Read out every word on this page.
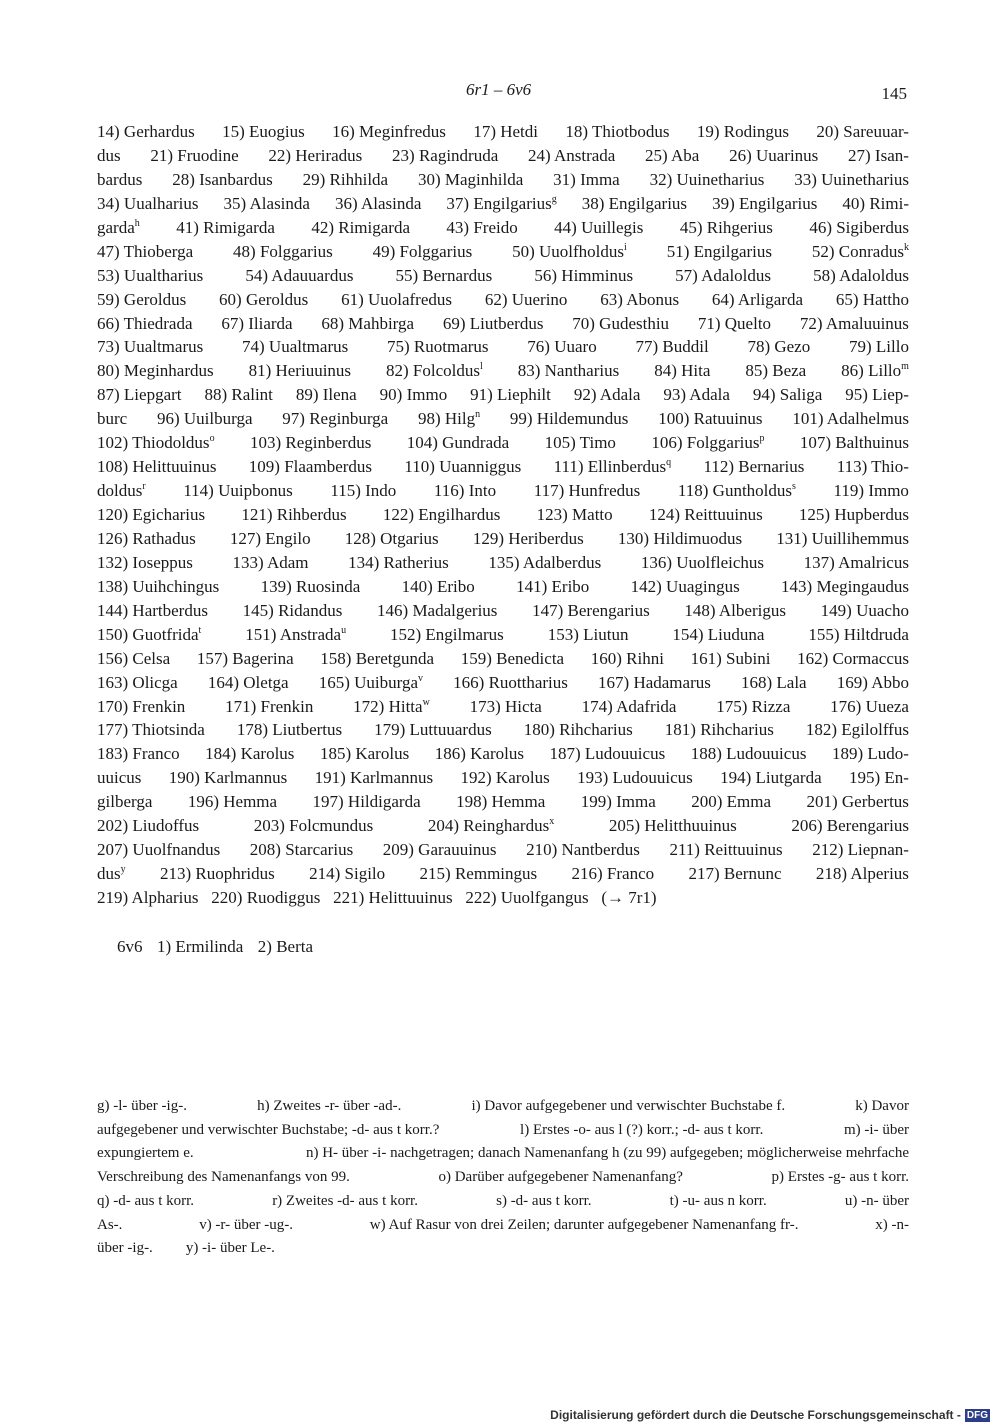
6r1 – 6v6	145
14) Gerhardus 15) Euogius 16) Meginfredus 17) Hetdi 18) Thiotbodus 19) Rodingus 20) Sareuuar-
dus 21) Fruodine 22) Heriradus 23) Ragindruda 24) Anstrada 25) Aba 26) Uuarinus 27) Isan-
bardus 28) Isanbardus 29) Rihhilda 30) Maginhilda 31) Imma 32) Uuinetharius 33) Uuinetharius
34) Uualharius 35) Alasinda 36) Alasinda 37) Engilgarius$^g$ 38) Engilgarius 39) Engilgarius 40) Rimi-
garda$^h$ 41) Rimigarda 42) Rimigarda 43) Freido 44) Uuillegis 45) Rihgerius 46) Sigiberdus
47) Thioberga 48) Folggarius 49) Folggarius 50) Uuolfholdus$^i$ 51) Engilgarius 52) Conradus$^k$
53) Uualtharius 54) Adauuardus 55) Bernardus 56) Himminus 57) Adaloldus 58) Adaloldus
59) Geroldus 60) Geroldus 61) Uuolafredus 62) Uuerino 63) Abonus 64) Arligarda 65) Hattho
66) Thiedrada 67) Iliarda 68) Mahbirga 69) Liutberdus 70) Gudesthiu 71) Quelto 72) Amaluuinus
73) Uualtmarus 74) Uualtmarus 75) Ruotmarus 76) Uuaro 77) Buddil 78) Gezo 79) Lillo
80) Meginhardus 81) Heriuuinus 82) Folcoldus$^l$ 83) Nantharius 84) Hita 85) Beza 86) Lillo$^m$
87) Liepgart 88) Ralint 89) Ilena 90) Immo 91) Liephilt 92) Adala 93) Adala 94) Saliga 95) Liep-
burc 96) Uuilburga 97) Reginburga 98) Hilg$^n$ 99) Hildemundus 100) Ratuuinus 101) Adalhelmus
102) Thiodoldus$^o$ 103) Reginberdus 104) Gundrada 105) Timo 106) Folggarius$^p$ 107) Balthuinus
108) Helittuuinus 109) Flaamberdus 110) Uuanniggus 111) Ellinberdus$^q$ 112) Bernarius 113) Thio-
doldus$^r$ 114) Uuipbonus 115) Indo 116) Into 117) Hunfredus 118) Guntholdus$^s$ 119) Immo
120) Egicharius 121) Rihberdus 122) Engilhardus 123) Matto 124) Reittuuinus 125) Hupberdus
126) Rathadus 127) Engilo 128) Otgarius 129) Heriberdus 130) Hildimuodus 131) Uuillihemmus
132) Ioseppus 133) Adam 134) Ratherius 135) Adalberdus 136) Uuolfleichus 137) Amalricus
138) Uuihchingus 139) Ruosinda 140) Eribo 141) Eribo 142) Uuagingus 143) Megingaudus
144) Hartberdus 145) Ridandus 146) Madalgerius 147) Berengarius 148) Alberigus 149) Uuacho
150) Guotfrida$^t$	151) Anstrada$^u$	152) Engilmarus	153) Liutun	154) Liuduna	155) Hiltdruda
156) Celsa 157) Bagerina 158) Beretgunda 159) Benedicta 160) Rihni 161) Subini 162) Cormaccus
163) Olicga 164) Oletga 165) Uuiburga$^v$ 166) Ruottharius 167) Hadamarus 168) Lala 169) Abbo
170) Frenkin 171) Frenkin 172) Hitta$^w$ 173) Hicta 174) Adafrida 175) Rizza 176) Uueza
177) Thiotsinda 178) Liutbertus 179) Luttuuardus 180) Rihcharius 181) Rihcharius 182) Egilolffus
183) Franco 184) Karolus 185) Karolus 186) Karolus 187) Ludouuicus 188) Ludouuicus 189) Ludo-
uuicus 190) Karlmannus 191) Karlmannus 192) Karolus 193) Ludouuicus 194) Liutgarda 195) En-
gilberga 196) Hemma 197) Hildigarda 198) Hemma 199) Imma 200) Emma 201) Gerbertus
202) Liudoffus	203) Folcmundus	204) Reinghardus$^x$	205) Helitthuuinus	206) Berengarius
207) Uuolfnandus 208) Starcarius 209) Garauuinus 210) Nantberdus 211) Reittuuinus 212) Liepnan-
dus$^y$ 213) Ruophridus 214) Sigilo 215) Remmingus 216) Franco 217) Bernunc 218) Alperius
219) Alpharius 220) Ruodiggus 221) Helittuuinus 222) Uuolfgangus (→ 7r1)
6v6 1) Ermilinda 2) Berta
g) -l- über -ig-.	h) Zweites -r- über -ad-.	i) Davor aufgegebener und verwischter Buchstabe f.	k) Davor
aufgegebener und verwischter Buchstabe; -d- aus t korr.?	l) Erstes -o- aus l (?) korr.; -d- aus t korr.	m) -i- über
expungiertem e.	n) H- über -i- nachgetragen; danach Namenanfang h (zu 99) aufgegeben; möglicherweise mehrfache
Verschreibung des Namenanfangs von 99.	o) Darüber aufgegebener Namenanfang?	p) Erstes -g- aus t korr.
q) -d- aus t korr.	r) Zweites -d- aus t korr.	s) -d- aus t korr.	t) -u- aus n korr.	u) -n- über
As-.	v) -r- über -ug-.	w) Auf Rasur von drei Zeilen; darunter aufgegebener Namenanfang fr-.	x) -n-
über -ig-. y) -i- über Le-.
Digitalisierung gefördert durch die Deutsche Forschungsgemeinschaft - DFG
